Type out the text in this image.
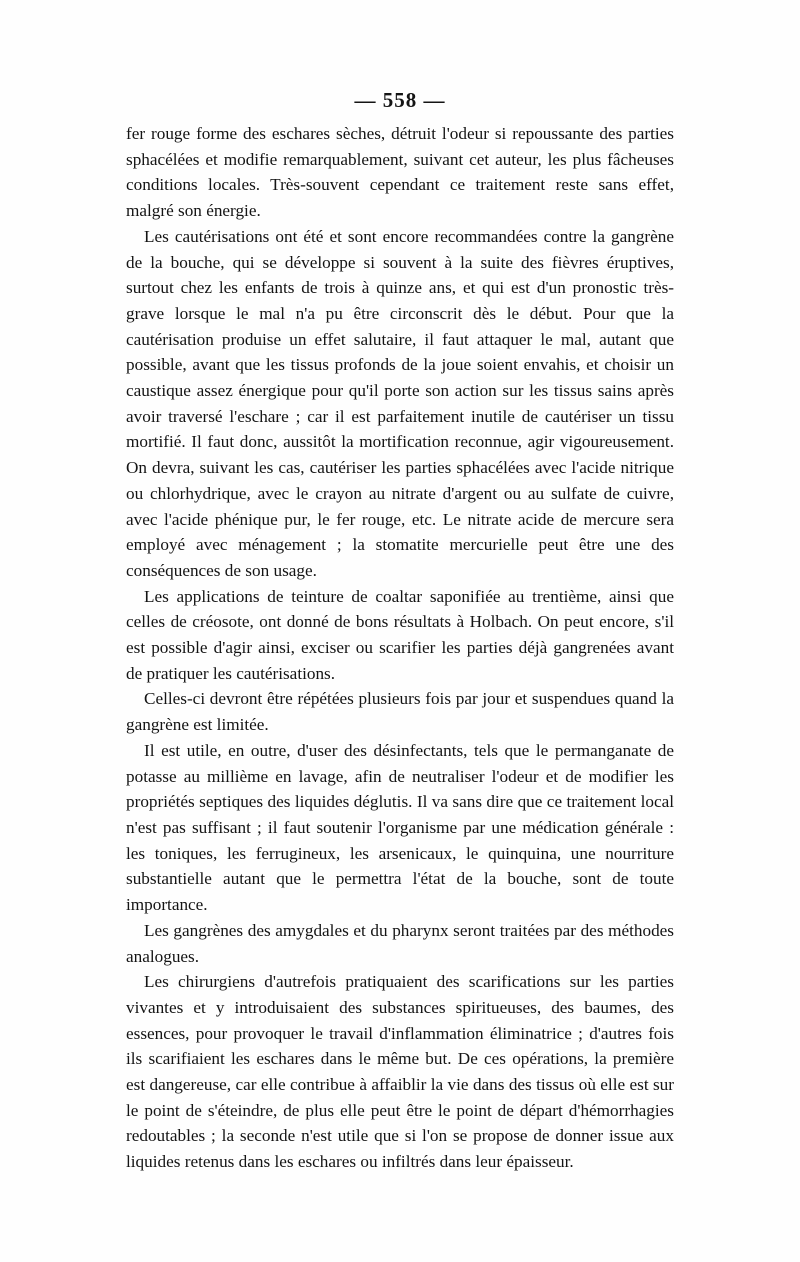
— 558 —

fer rouge forme des eschares sèches, détruit l'odeur si repoussante des parties sphacélées et modifie remarquablement, suivant cet auteur, les plus fâcheuses conditions locales. Très-souvent cependant ce traitement reste sans effet, malgré son énergie.

Les cautérisations ont été et sont encore recommandées contre la gangrène de la bouche, qui se développe si souvent à la suite des fièvres éruptives, surtout chez les enfants de trois à quinze ans, et qui est d'un pronostic très-grave lorsque le mal n'a pu être circonscrit dès le début. Pour que la cautérisation produise un effet salutaire, il faut attaquer le mal, autant que possible, avant que les tissus profonds de la joue soient envahis, et choisir un caustique assez énergique pour qu'il porte son action sur les tissus sains après avoir traversé l'eschare ; car il est parfaitement inutile de cautériser un tissu mortifié. Il faut donc, aussitôt la mortification reconnue, agir vigoureusement. On devra, suivant les cas, cautériser les parties sphacélées avec l'acide nitrique ou chlorhydrique, avec le crayon au nitrate d'argent ou au sulfate de cuivre, avec l'acide phénique pur, le fer rouge, etc. Le nitrate acide de mercure sera employé avec ménagement ; la stomatite mercurielle peut être une des conséquences de son usage.

Les applications de teinture de coaltar saponifiée au trentième, ainsi que celles de créosote, ont donné de bons résultats à Holbach. On peut encore, s'il est possible d'agir ainsi, exciser ou scarifier les parties déjà gangrenées avant de pratiquer les cautérisations.

Celles-ci devront être répétées plusieurs fois par jour et suspendues quand la gangrène est limitée.

Il est utile, en outre, d'user des désinfectants, tels que le permanganate de potasse au millième en lavage, afin de neutraliser l'odeur et de modifier les propriétés septiques des liquides déglutis. Il va sans dire que ce traitement local n'est pas suffisant ; il faut soutenir l'organisme par une médication générale : les toniques, les ferrugineux, les arsenicaux, le quinquina, une nourriture substantielle autant que le permettra l'état de la bouche, sont de toute importance.

Les gangrènes des amygdales et du pharynx seront traitées par des méthodes analogues.

Les chirurgiens d'autrefois pratiquaient des scarifications sur les parties vivantes et y introduisaient des substances spiritueuses, des baumes, des essences, pour provoquer le travail d'inflammation éliminatrice ; d'autres fois ils scarifiaient les eschares dans le même but. De ces opérations, la première est dangereuse, car elle contribue à affaiblir la vie dans des tissus où elle est sur le point de s'éteindre, de plus elle peut être le point de départ d'hémorrhagies redoutables ; la seconde n'est utile que si l'on se propose de donner issue aux liquides retenus dans les eschares ou infiltrés dans leur épaisseur.
